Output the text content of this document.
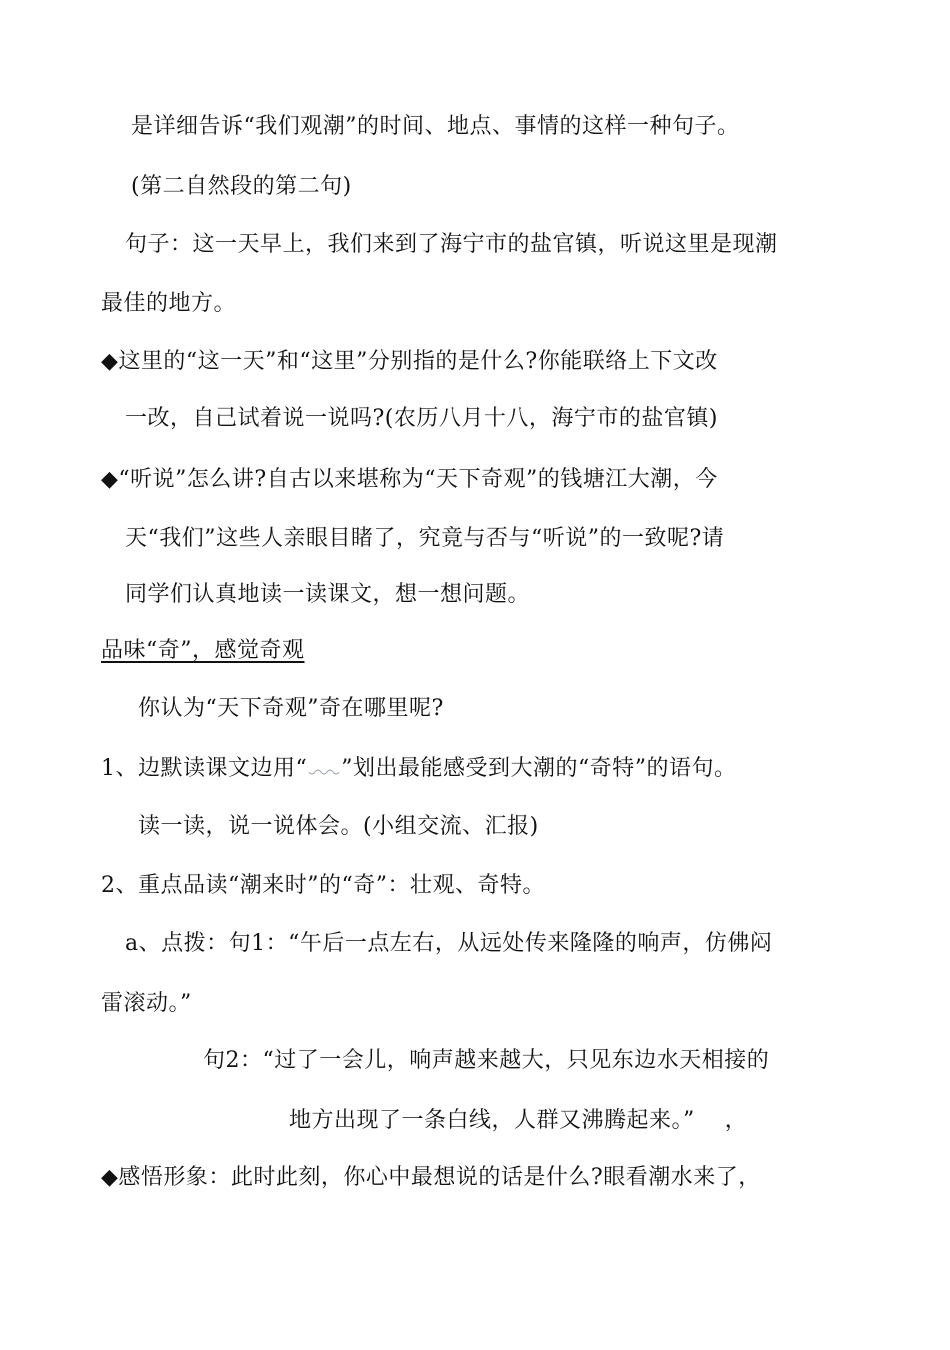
是详细告诉“我们观潮”的时间、地点、事情的这样一种句子。
(第二自然段的第二句)
句子：这一天早上，我们来到了海宁市的盐官镇，听说这里是现潮
最佳的地方。
◆这里的“这一天”和“这里”分别指的是什么?你能联络上下文改
一改，自己试着说一说吗?(农历八月十八，海宁市的盐官镇)
◆“听说”怎么讲?自古以来堪称为“天下奇观”的钱塘江大潮，今
天“我们”这些人亲眼目睹了，究竟与否与“听说”的一致呢?请
同学们认真地读一读课文，想一想问题。
品味“奇”，感觉奇观
你认为“天下奇观”奇在哪里呢?
1、边默读课文边用“ ”划出最能感受到大潮的“奇特”的语句。
读一读，说一说体会。(小组交流、汇报)
2、重点品读“潮来时”的“奇”：壮观、奇特。
a、点拨：句1：“午后一点左右，从远处传来隆隆的响声，仿佛闷
雷滚动。”
句2：“过了一会儿，响声越来越大，只见东边水天相接的
地方出现了一条白线，人群又沸腾起来。”　 ，
◆感悟形象：此时此刻，你心中最想说的话是什么?眼看潮水来了，
